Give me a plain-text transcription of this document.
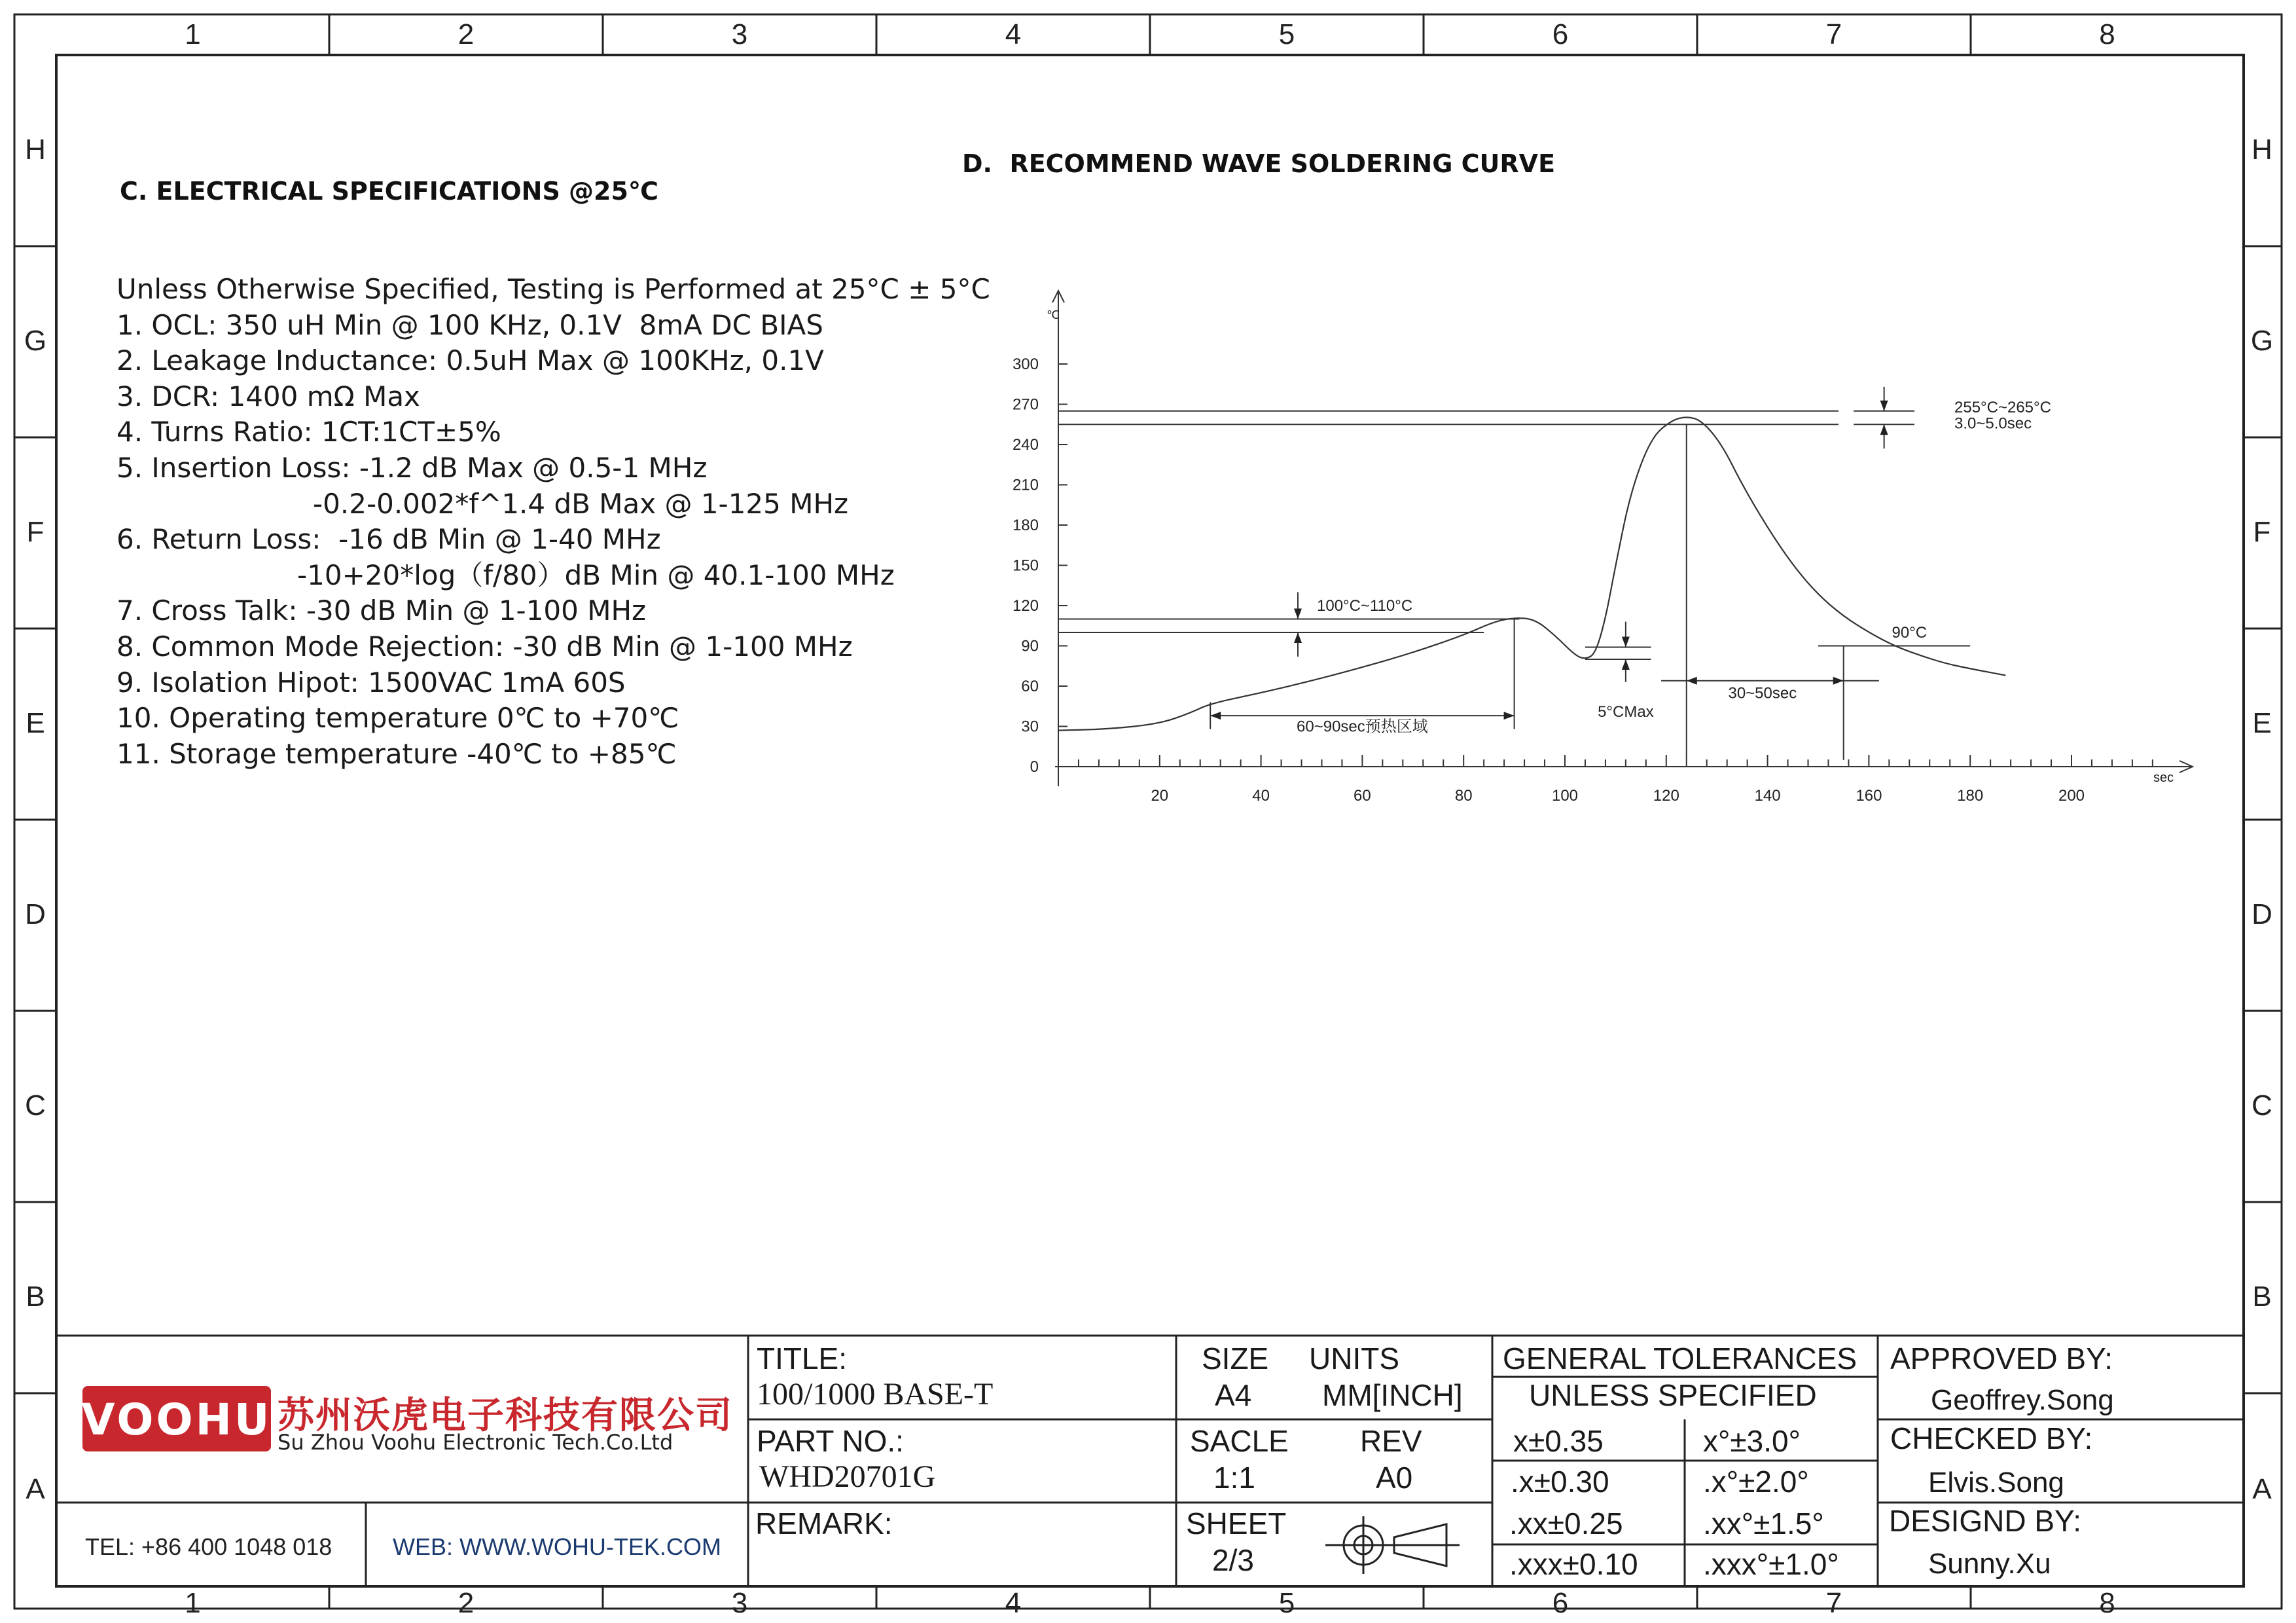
VOOHU
℃
sec
0
30
60
90
120
150
180
210
240
270
300
20	40	60	80	100	120	140	160	180	200
100°C~110°C
60~90sec预热区域
5°CMax
255°C~265°C
3.0~5.0sec
90°C
30~50sec
1
1
2
2
3
3
4
4
5
5
6
6
7
7
8
8
H	H
G	G
F	F
E	E
D	D
C	C
B	B
A	A
C. ELECTRICAL SPECIFICATIONS @25℃
Unless Otherwise Specified, Testing is Performed at 25°C ± 5°C
1. OCL: 350 uH Min @ 100 KHz, 0.1V  8mA DC BIAS
2. Leakage Inductance: 0.5uH Max @ 100KHz, 0.1V
3. DCR: 1400 mΩ Max
4. Turns Ratio: 1CT:1CT±5%
5. Insertion Loss: -1.2 dB Max @ 0.5-1 MHz
-0.2-0.002*f^1.4 dB Max @ 1-125 MHz
6. Return Loss:  -16 dB Min @ 1-40 MHz
-10+20*log（f/80）dB Min @ 40.1-100 MHz
7. Cross Talk: -30 dB Min @ 1-100 MHz
8. Common Mode Rejection: -30 dB Min @ 1-100 MHz
9. Isolation Hipot: 1500VAC 1mA 60S
10. Operating temperature 0℃ to +70℃
11. Storage temperature -40℃ to +85℃
D.  RECOMMEND WAVE SOLDERING CURVE
苏州沃虎电子科技有限公司
Su Zhou Voohu Electronic Tech.Co.Ltd
TEL: +86 400 1048 018	WEB: WWW.WOHU-TEK.COM
TITLE:
100/1000 BASE-T
PART NO.:
WHD20701G
REMARK:
SIZE
A4
UNITS
MM[INCH]
SACLE
1:1
REV
A0
SHEET
2/3
GENERAL TOLERANCES
UNLESS SPECIFIED
x±0.35	x°±3.0°
.x±0.30	.x°±2.0°
.xx±0.25	.xx°±1.5°
.xxx±0.10 .xxx°±1.0°
APPROVED BY:
Geoffrey.Song
CHECKED BY:
Elvis.Song
DESIGND BY:
Sunny.Xu
